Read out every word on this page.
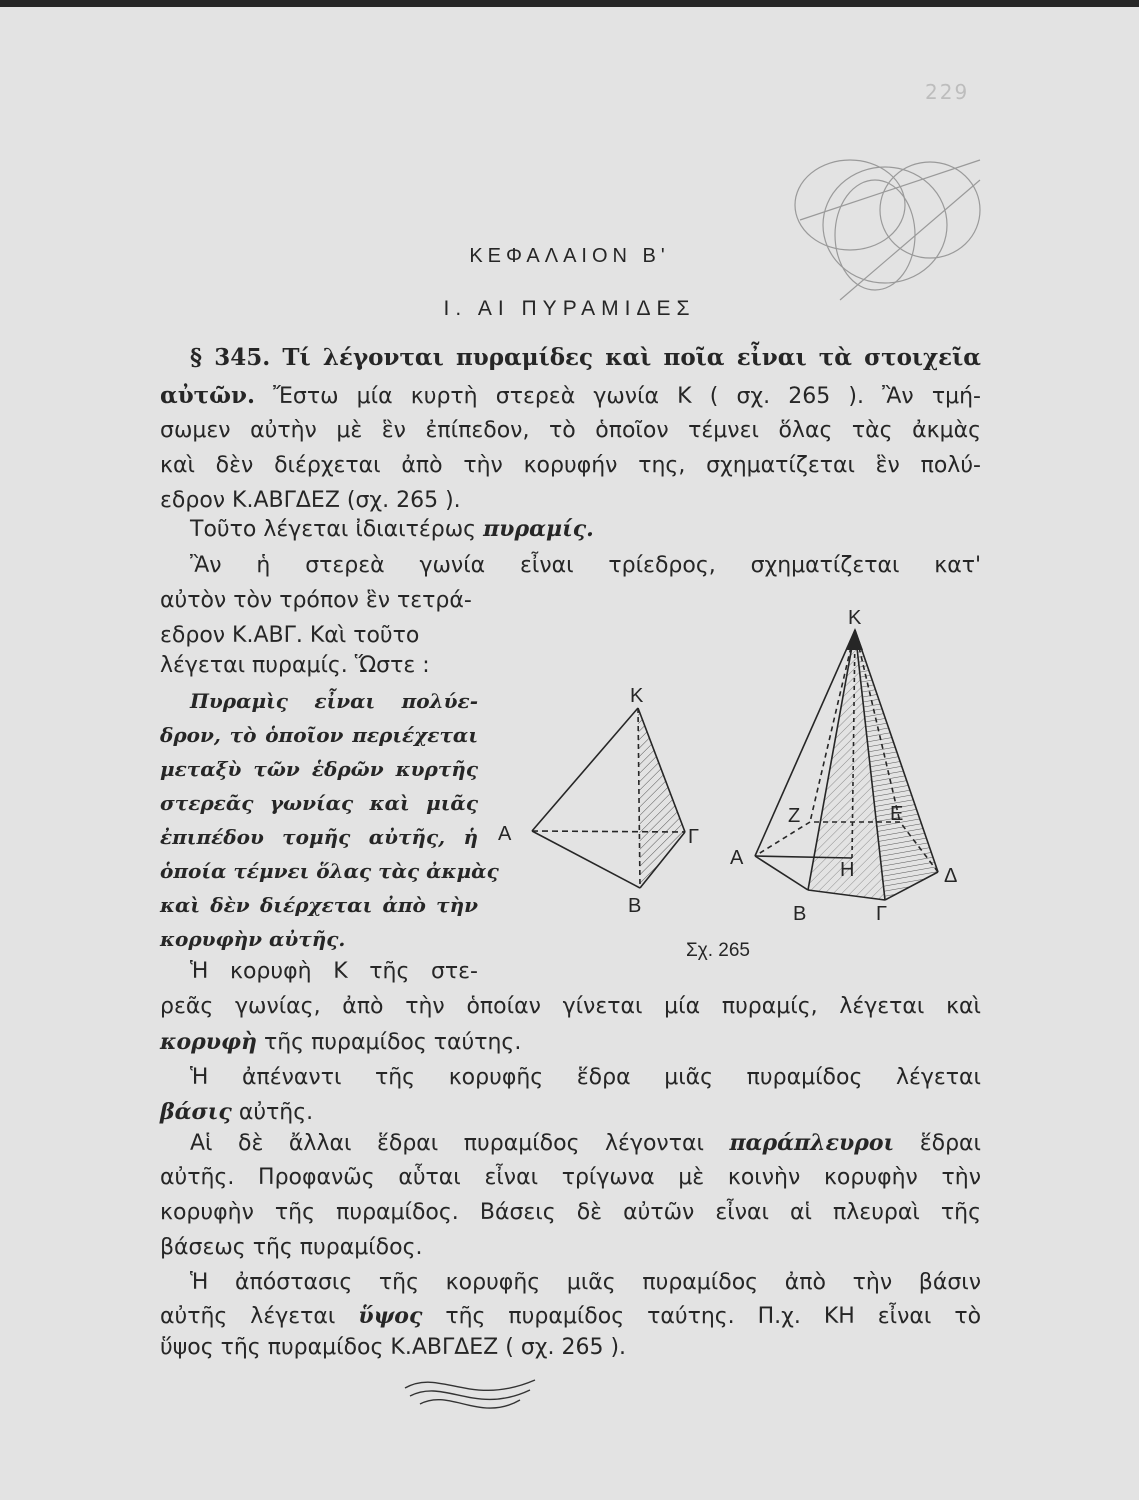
229
ΚΕΦΑΛΑΙΟΝ Β'
Ι. ΑΙ ΠΥΡΑΜΙΔΕΣ
§ 345. Τί λέγονται πυραμίδες καὶ ποῖα εἶναι τὰ στοιχεῖα
αὐτῶν. Ἔστω μία κυρτὴ στερεὰ γωνία Κ ( σχ. 265 ). Ἂν τμή-
σωμεν αὐτὴν μὲ ἓν ἐπίπεδον, τὸ ὁποῖον τέμνει ὅλας τὰς ἀκμὰς
καὶ δὲν διέρχεται ἀπὸ τὴν κορυφήν της, σχηματίζεται ἓν πολύ-
εδρον Κ.ΑΒΓΔΕΖ (σχ. 265 ).
Τοῦτο λέγεται ἰδιαιτέρως πυραμίς.
Ἂν ἡ στερεὰ γωνία εἶναι τρίεδρος, σχηματίζεται κατ'
αὐτὸν τὸν τρόπον ἓν τετρά-
εδρον Κ.ΑΒΓ. Καὶ τοῦτο
λέγεται πυραμίς. Ὥστε :
Πυραμὶς εἶναι πολύε-
δρον, τὸ ὁποῖον περιέχεται
μεταξὺ τῶν ἑδρῶν κυρτῆς
στερεᾶς γωνίας καὶ μιᾶς
ἐπιπέδου τομῆς αὐτῆς, ἡ
ὁποία τέμνει ὅλας τὰς ἀκμὰς
καὶ δὲν διέρχεται ἀπὸ τὴν
κορυφὴν αὐτῆς.
Ἡ κορυφὴ Κ τῆς στε-
ρεᾶς γωνίας, ἀπὸ τὴν ὁποίαν γίνεται μία πυραμίς, λέγεται καὶ
κορυφὴ τῆς πυραμίδος ταύτης.
Ἡ ἀπέναντι τῆς κορυφῆς ἕδρα μιᾶς πυραμίδος λέγεται
βάσις αὐτῆς.
Αἱ δὲ ἄλλαι ἕδραι πυραμίδος λέγονται παράπλευροι ἕδραι
αὐτῆς. Προφανῶς αὗται εἶναι τρίγωνα μὲ κοινὴν κορυφὴν τὴν
κορυφὴν τῆς πυραμίδος. Βάσεις δὲ αὐτῶν εἶναι αἱ πλευραὶ τῆς
βάσεως τῆς πυραμίδος.
Ἡ ἀπόστασις τῆς κορυφῆς μιᾶς πυραμίδος ἀπὸ τὴν βάσιν
αὐτῆς λέγεται ὕψος τῆς πυραμίδος ταύτης. Π.χ. ΚΗ εἶναι τὸ
ὕψος τῆς πυραμίδος Κ.ΑΒΓΔΕΖ ( σχ. 265 ).
Κ
Α
Β
Γ
Κ
Α
Β	Γ
Δ
Ε
Ζ
Η
Σχ. 265
